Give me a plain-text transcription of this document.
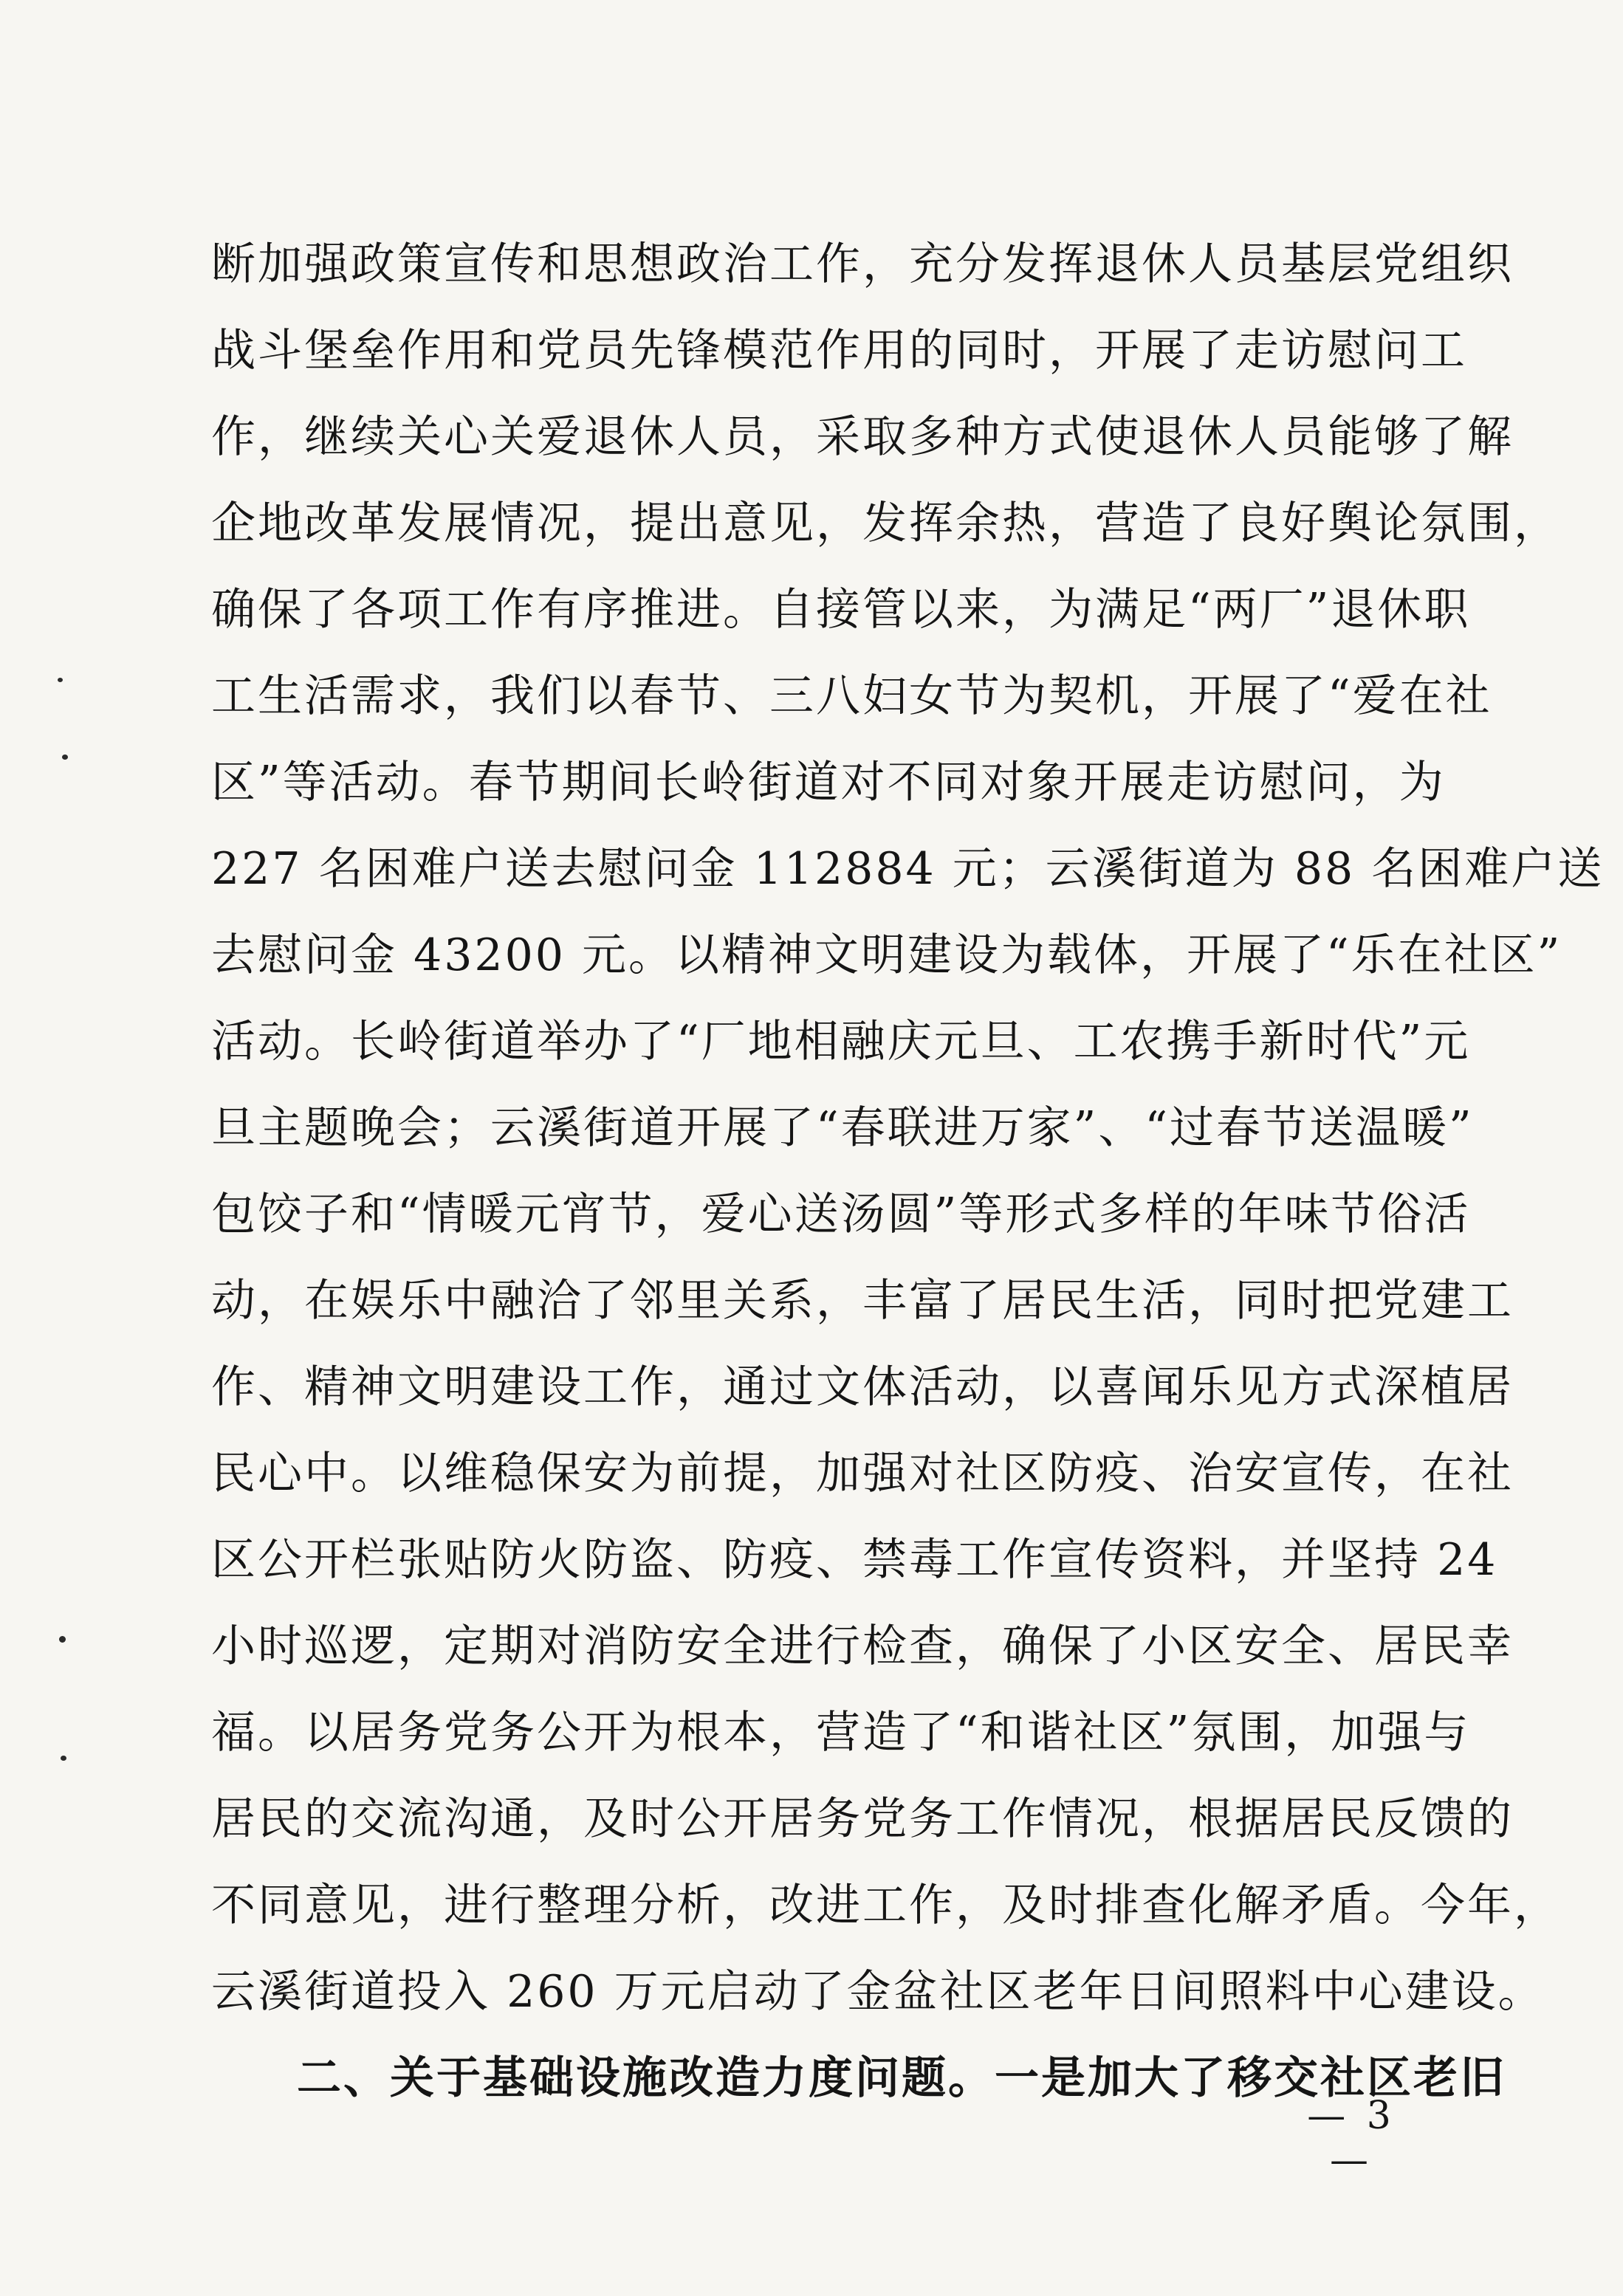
断加强政策宣传和思想政治工作，充分发挥退休人员基层党组织
战斗堡垒作用和党员先锋模范作用的同时，开展了走访慰问工
作，继续关心关爱退休人员，采取多种方式使退休人员能够了解
企地改革发展情况，提出意见，发挥余热，营造了良好舆论氛围，
确保了各项工作有序推进。自接管以来，为满足“两厂”退休职
工生活需求，我们以春节、三八妇女节为契机，开展了“爱在社
区”等活动。春节期间长岭街道对不同对象开展走访慰问，为
227 名困难户送去慰问金 112884 元；云溪街道为 88 名困难户送
去慰问金 43200 元。以精神文明建设为载体，开展了“乐在社区”
活动。长岭街道举办了“厂地相融庆元旦、工农携手新时代”元
旦主题晚会；云溪街道开展了“春联进万家”、“过春节送温暖”
包饺子和“情暖元宵节，爱心送汤圆”等形式多样的年味节俗活
动，在娱乐中融洽了邻里关系，丰富了居民生活，同时把党建工
作、精神文明建设工作，通过文体活动，以喜闻乐见方式深植居
民心中。以维稳保安为前提，加强对社区防疫、治安宣传，在社
区公开栏张贴防火防盗、防疫、禁毒工作宣传资料，并坚持 24
小时巡逻，定期对消防安全进行检查，确保了小区安全、居民幸
福。以居务党务公开为根本，营造了“和谐社区”氛围，加强与
居民的交流沟通，及时公开居务党务工作情况，根据居民反馈的
不同意见，进行整理分析，改进工作，及时排查化解矛盾。今年，
云溪街道投入 260 万元启动了金盆社区老年日间照料中心建设。
二、关于基础设施改造力度问题。一是加大了移交社区老旧
— 3 —
